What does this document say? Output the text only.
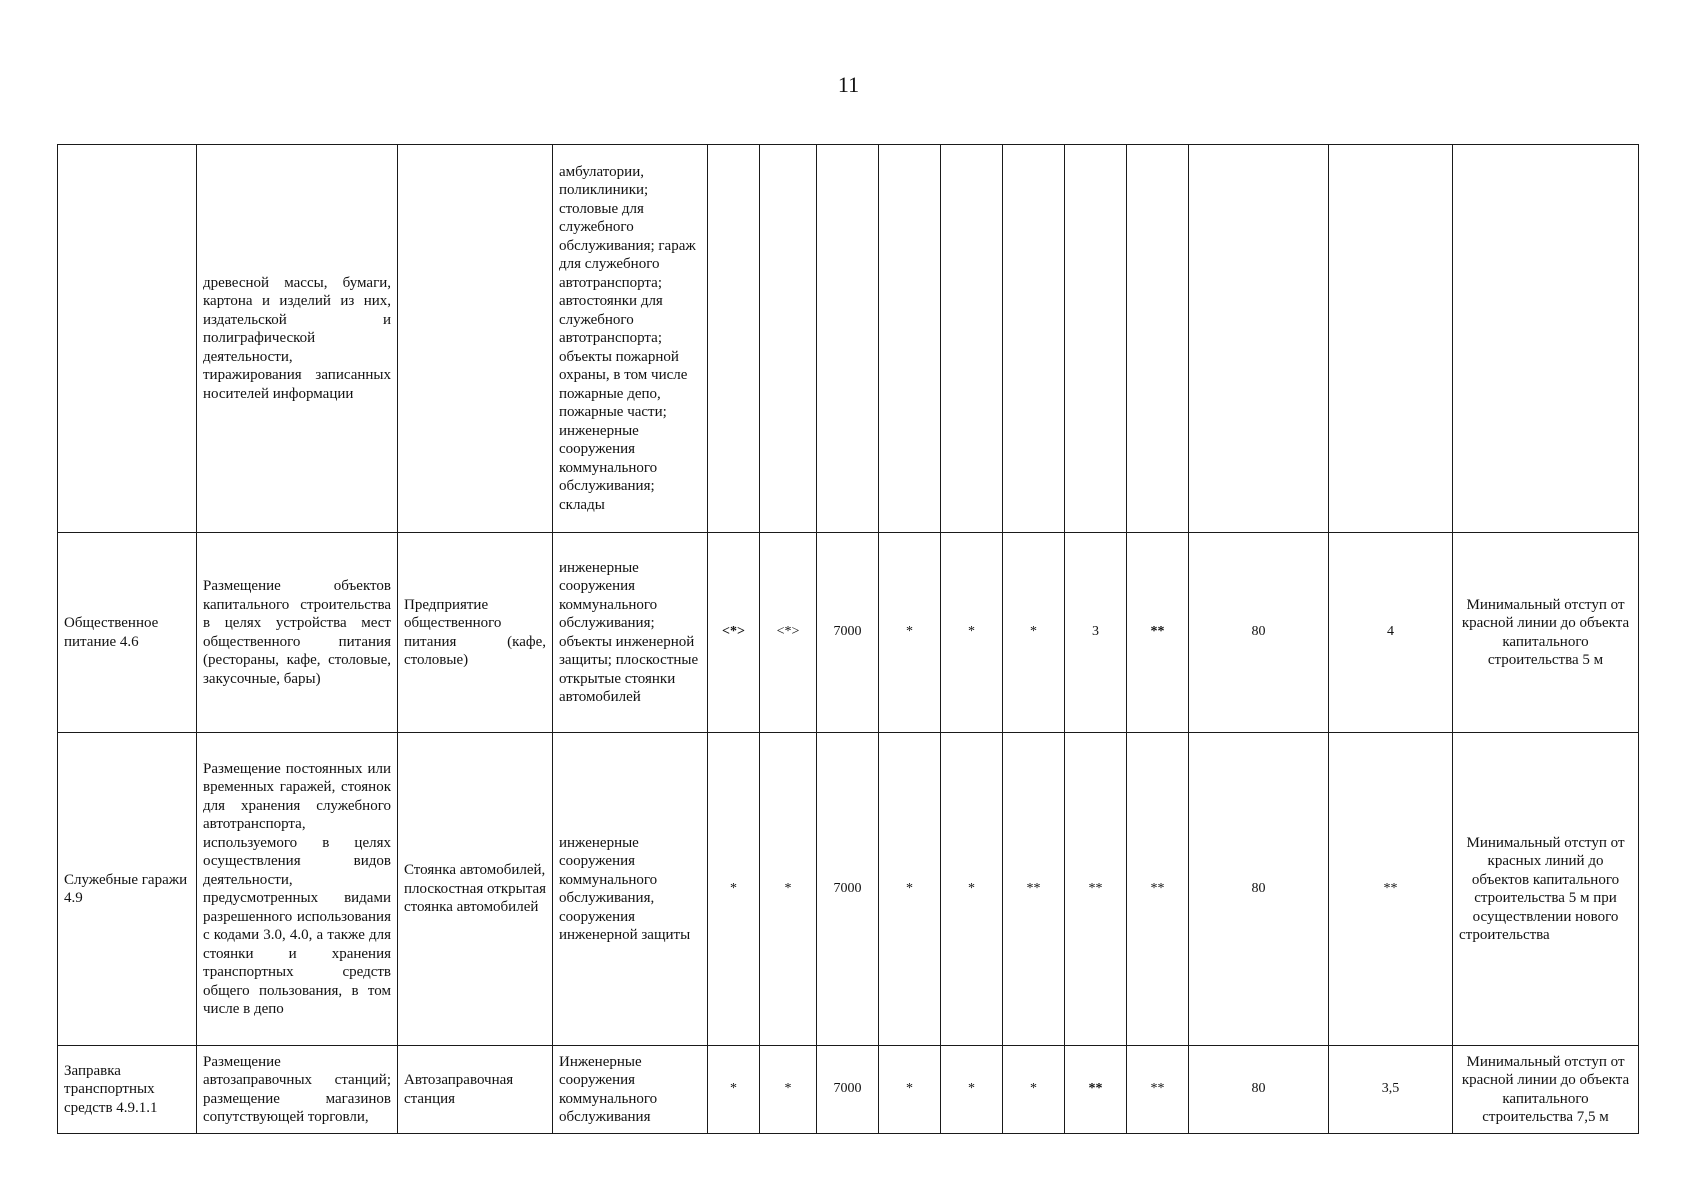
11
	древесной массы, бумаги, картона и изделий из них, издательской и полиграфической деятельности, тиражирования записанных носителей информации		амбулатории, поликлиники; столовые для служебного обслуживания; гараж для служебного автотранспорта; автостоянки для служебного автотранспорта; объекты пожарной охраны, в том числе пожарные депо, пожарные части; инженерные сооружения коммунального обслуживания; склады											
Общественное питание 4.6	Размещение объектов капитального строительства в целях устройства мест общественного питания (рестораны, кафе, столовые, закусочные, бары)	Предприятие общественного питания (кафе, столовые)	инженерные сооружения коммунального обслуживания; объекты инженерной защиты; плоскостные открытые стоянки автомобилей	<*>	<*>	7000	*	*	*	3	**	80	4	Минимальный отступ от красной линии до объекта капитального строительства 5 м
Служебные гаражи 4.9	Размещение постоянных или временных гаражей, стоянок для хранения служебного автотранспорта, используемого в целях осуществления видов деятельности, предусмотренных видами разрешенного использования с кодами 3.0, 4.0, а также для стоянки и хранения транспортных средств общего пользования, в том числе в депо	Стоянка автомобилей, плоскостная открытая стоянка автомобилей	инженерные сооружения коммунального обслуживания, сооружения инженерной защиты	*	*	7000	*	*	**	**	**	80	**	Минимальный отступ от красных линий до объектов капитального строительства 5 м при осуществлении нового строительства
Заправка транспортных средств 4.9.1.1	Размещение автозаправочных станций; размещение магазинов сопутствующей торговли,	Автозаправочная станция	Инженерные сооружения коммунального обслуживания	*	*	7000	*	*	*	**	**	80	3,5	Минимальный отступ от красной линии до объекта капитального строительства 7,5 м
